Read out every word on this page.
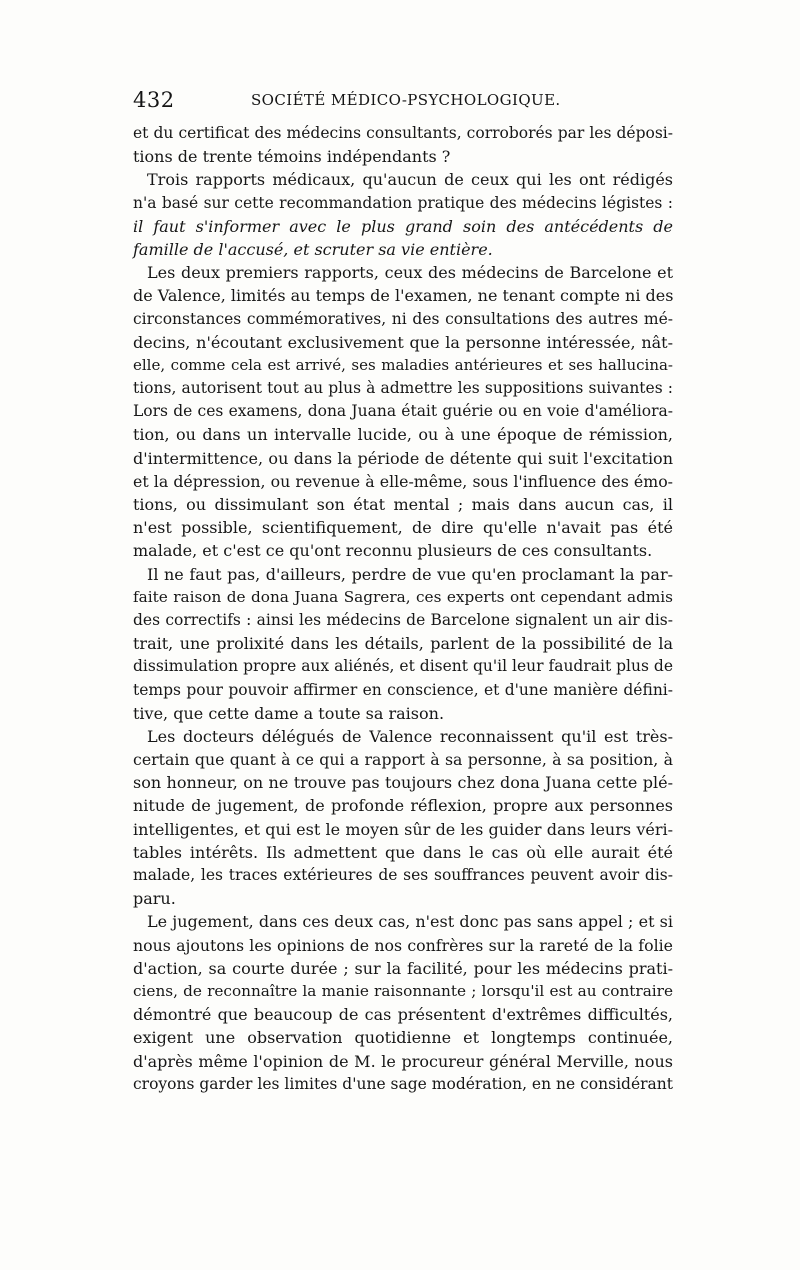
432	SOCIÉTÉ MÉDICO-PSYCHOLOGIQUE.
et du certificat des médecins consultants, corroborés par les déposi-
tions de trente témoins indépendants ?
Trois rapports médicaux, qu'aucun de ceux qui les ont rédigés
n'a basé sur cette recommandation pratique des médecins légistes :
il faut s'informer avec le plus grand soin des antécédents de
famille de l'accusé, et scruter sa vie entière.
Les deux premiers rapports, ceux des médecins de Barcelone et
de Valence, limités au temps de l'examen, ne tenant compte ni des
circonstances commémoratives, ni des consultations des autres mé-
decins, n'écoutant exclusivement que la personne intéressée, nât-
elle, comme cela est arrivé, ses maladies antérieures et ses hallucina-
tions, autorisent tout au plus à admettre les suppositions suivantes :
Lors de ces examens, dona Juana était guérie ou en voie d'améliora-
tion, ou dans un intervalle lucide, ou à une époque de rémission,
d'intermittence, ou dans la période de détente qui suit l'excitation
et la dépression, ou revenue à elle-même, sous l'influence des émo-
tions, ou dissimulant son état mental ; mais dans aucun cas, il
n'est possible, scientifiquement, de dire qu'elle n'avait pas été
malade, et c'est ce qu'ont reconnu plusieurs de ces consultants.
Il ne faut pas, d'ailleurs, perdre de vue qu'en proclamant la par-
faite raison de dona Juana Sagrera, ces experts ont cependant admis
des correctifs : ainsi les médecins de Barcelone signalent un air dis-
trait, une prolixité dans les détails, parlent de la possibilité de la
dissimulation propre aux aliénés, et disent qu'il leur faudrait plus de
temps pour pouvoir affirmer en conscience, et d'une manière défini-
tive, que cette dame a toute sa raison.
Les docteurs délégués de Valence reconnaissent qu'il est très-
certain que quant à ce qui a rapport à sa personne, à sa position, à
son honneur, on ne trouve pas toujours chez dona Juana cette plé-
nitude de jugement, de profonde réflexion, propre aux personnes
intelligentes, et qui est le moyen sûr de les guider dans leurs véri-
tables intérêts. Ils admettent que dans le cas où elle aurait été
malade, les traces extérieures de ses souffrances peuvent avoir dis-
paru.
Le jugement, dans ces deux cas, n'est donc pas sans appel ; et si
nous ajoutons les opinions de nos confrères sur la rareté de la folie
d'action, sa courte durée ; sur la facilité, pour les médecins prati-
ciens, de reconnaître la manie raisonnante ; lorsqu'il est au contraire
démontré que beaucoup de cas présentent d'extrêmes difficultés,
exigent une observation quotidienne et longtemps continuée,
d'après même l'opinion de M. le procureur général Merville, nous
croyons garder les limites d'une sage modération, en ne considérant
